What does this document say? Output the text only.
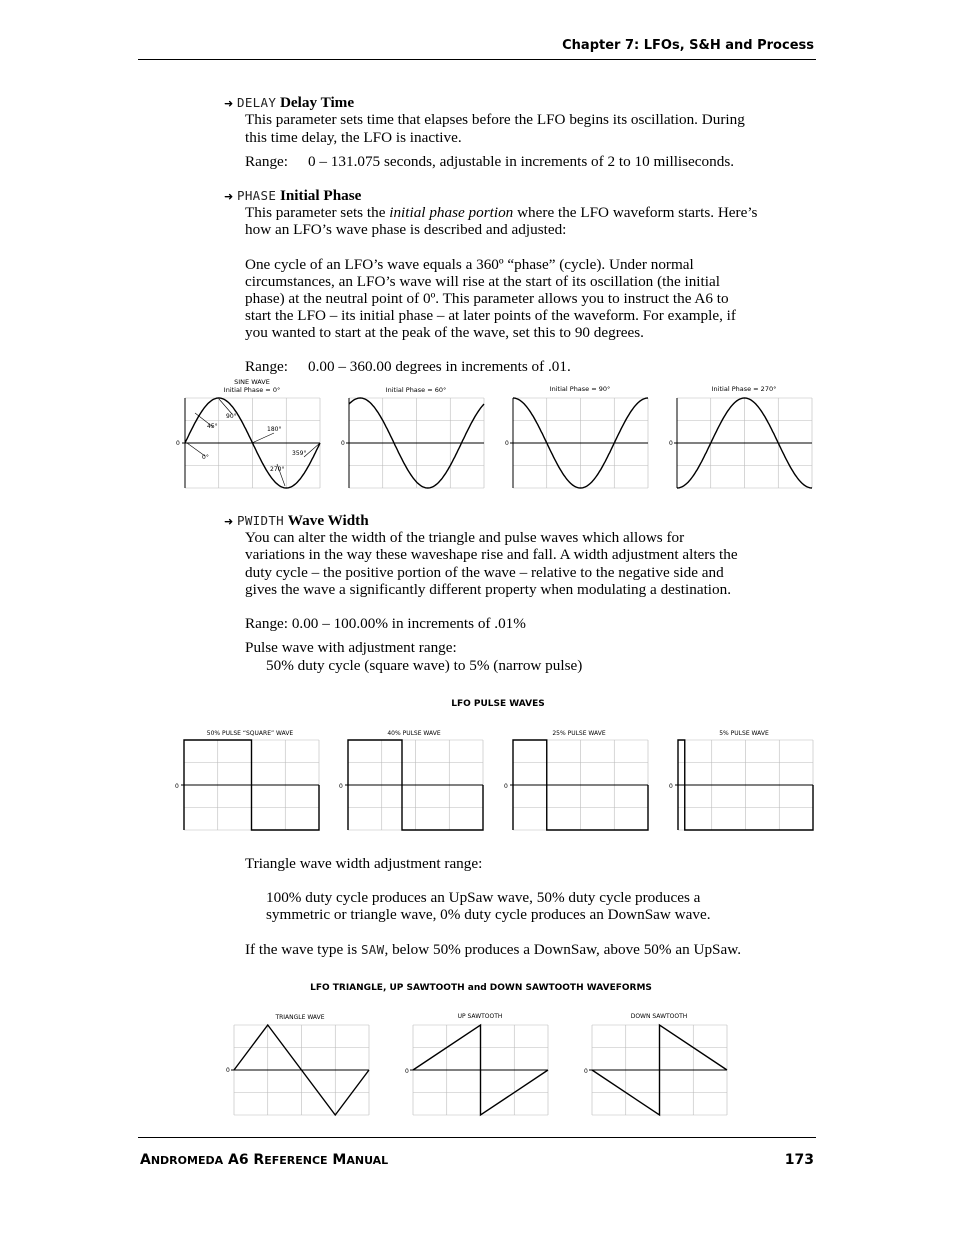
Chapter 7: LFOs, S&H and Process
➜ DELAY Delay Time
This parameter sets time that elapses before the LFO begins its oscillation. During
this time delay, the LFO is inactive.
Range: 0 – 131.075 seconds, adjustable in increments of 2 to 10 milliseconds.
➜ PHASE Initial Phase
This parameter sets the initial phase portion where the LFO waveform starts. Here’s
how an LFO’s wave phase is described and adjusted:
One cycle of an LFO’s wave equals a 360º “phase” (cycle). Under normal
circumstances, an LFO’s wave will rise at the start of its oscillation (the initial
phase) at the neutral point of 0º. This parameter allows you to instruct the A6 to
start the LFO – its initial phase – at later points of the waveform. For example, if
you wanted to start at the peak of the wave, set this to 90 degrees.
Range: 0.00 – 360.00 degrees in increments of .01.
SINE WAVE
Initial Phase = 0°	Initial Phase = 60°	Initial Phase = 90°	Initial Phase = 270°
0	0	0	0
0°
45°
90°
180°
270°
359°
➜ PWIDTH Wave Width
You can alter the width of the triangle and pulse waves which allows for
variations in the way these waveshape rise and fall. A width adjustment alters the
duty cycle – the positive portion of the wave – relative to the negative side and
gives the wave a significantly different property when modulating a destination.
Range: 0.00 – 100.00% in increments of .01%
Pulse wave with adjustment range:
50% duty cycle (square wave) to 5% (narrow pulse)
LFO PULSE WAVES
50% PULSE “SQUARE” WAVE	40% PULSE WAVE	25% PULSE WAVE	5% PULSE WAVE
0	0	0	0
Triangle wave width adjustment range:
100% duty cycle produces an UpSaw wave, 50% duty cycle produces a
symmetric or triangle wave, 0% duty cycle produces an DownSaw wave.
If the wave type is SAW, below 50% produces a DownSaw, above 50% an UpSaw.
LFO TRIANGLE, UP SAWTOOTH and DOWN SAWTOOTH WAVEFORMS
TRIANGLE WAVE	UP SAWTOOTH	DOWN SAWTOOTH
0	0	0
ANDROMEDA A6 REFERENCE MANUAL	173
